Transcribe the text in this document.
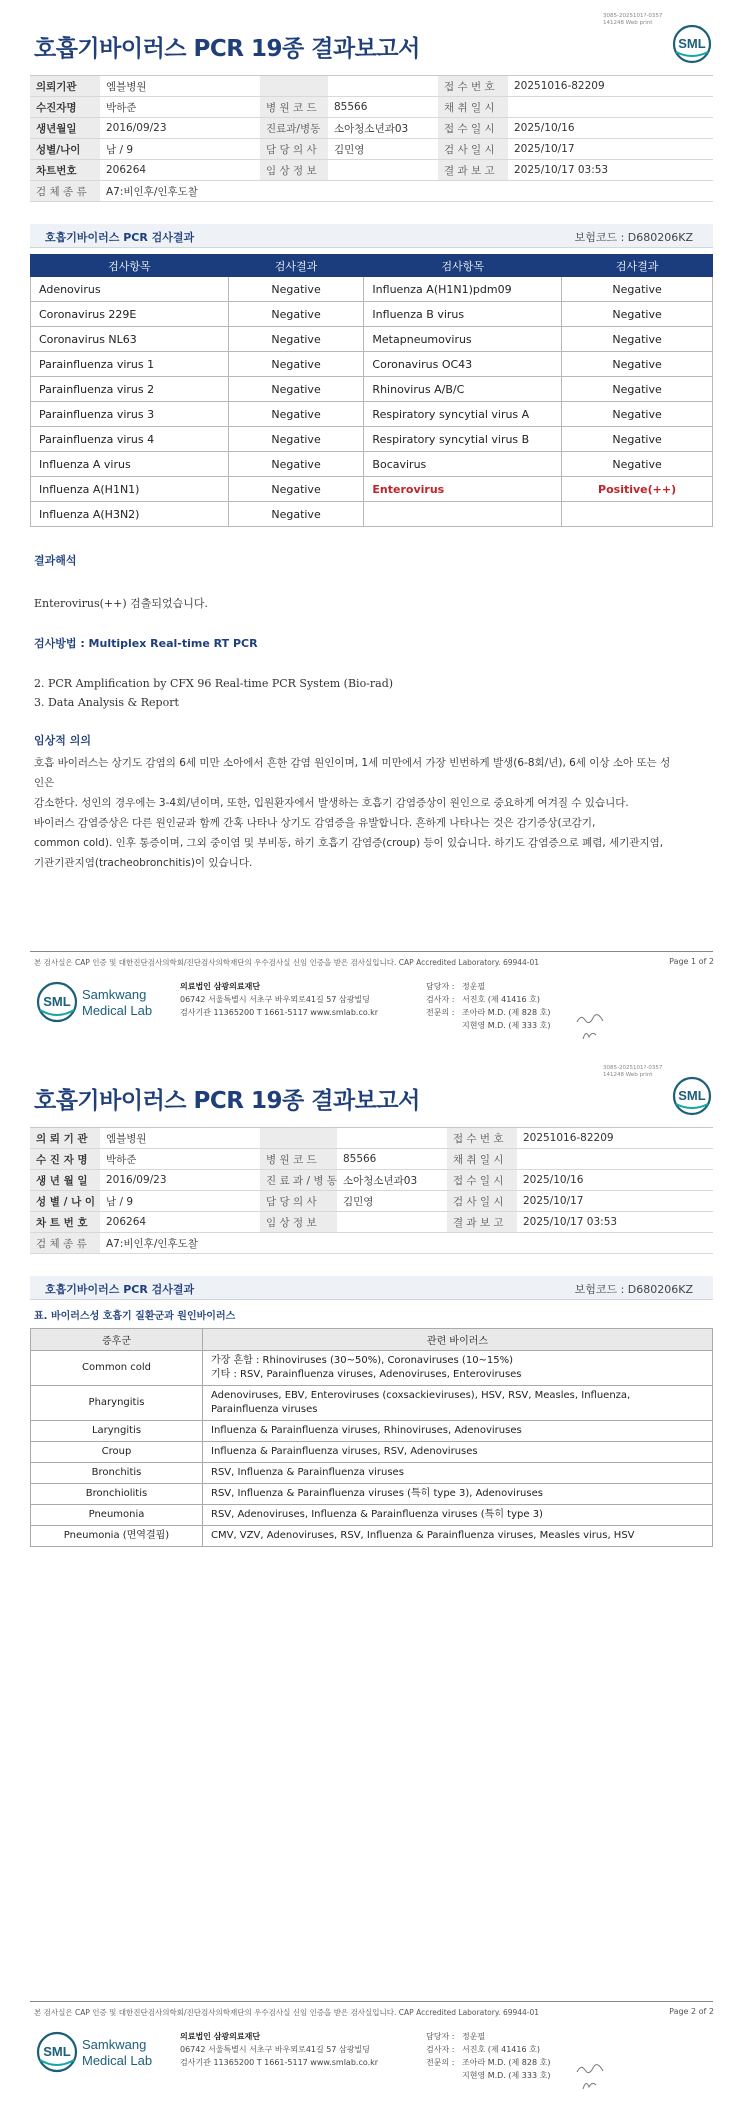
3085-2025101?-0357
141248 Web print
호흡기바이러스 PCR 19종 결과보고서	SML
의뢰기관	엠블병원			접 수 번 호	20251016-82209
수진자명	박하준	병 원 코 드	85566	채 취 일 시	
생년월일	2016/09/23	진료과/병동	소아청소년과03	접 수 일 시	2025/10/16
성별/나이	남 / 9	담 당 의 사	김민영	검 사 일 시	2025/10/17
차트번호	206264	임 상 정 보		결 과 보 고	2025/10/17 03:53
검 체 종 류	A7:비인후/인후도찰				
호흡기바이러스 PCR 검사결과	보험코드 : D680206KZ
검사항목	검사결과	검사항목	검사결과
Adenovirus	Negative	Influenza A(H1N1)pdm09	Negative
Coronavirus 229E	Negative	Influenza B virus	Negative
Coronavirus NL63	Negative	Metapneumovirus	Negative
Parainfluenza virus 1	Negative	Coronavirus OC43	Negative
Parainfluenza virus 2	Negative	Rhinovirus A/B/C	Negative
Parainfluenza virus 3	Negative	Respiratory syncytial virus A	Negative
Parainfluenza virus 4	Negative	Respiratory syncytial virus B	Negative
Influenza A virus	Negative	Bocavirus	Negative
Influenza A(H1N1)	Negative	Enterovirus	Positive(++)
Influenza A(H3N2)	Negative		
결과해석
Enterovirus(++) 검출되었습니다.
검사방법 : Multiplex Real-time RT PCR
2. PCR Amplification by CFX 96 Real-time PCR System (Bio-rad)
3. Data Analysis & Report
임상적 의의
호흡 바이러스는 상기도 감염의 6세 미만 소아에서 흔한 감염 원인이며, 1세 미만에서 가장 빈번하게 발생(6-8회/년), 6세 이상 소아 또는 성인은
감소한다. 성인의 경우에는 3-4회/년이며, 또한, 입원환자에서 발생하는 호흡기 감염증상이 원인으로 중요하게 여겨질 수 있습니다.
바이러스 감염증상은 다른 원인균과 함께 간혹 나타나 상기도 감염증을 유발합니다. 흔하게 나타나는 것은 감기증상(코감기,
common cold). 인후 통증이며, 그외 중이염 및 부비동, 하기 호흡기 감염증(croup) 등이 있습니다. 하기도 감염증으로 폐렴, 세기관지염,
기관기관지염(tracheobronchitis)이 있습니다.
본 검사실은 CAP 인증 및 대한진단검사의학회/진단검사의학재단의 우수검사실 신임 인증을 받은 검사실입니다. CAP Accredited Laboratory. 69944-01	Page 1 of 2
SML Samkwang
Medical Lab
의료법인 삼광의료재단
06742 서울특별시 서초구 바우뫼로41길 57 삼광빌딩
검사기관 11365200 T 1661-5117 www.smlab.co.kr
담당자 : 정운필
검사자 : 서진호 (제 41416 호)
전문의 : 조아라 M.D. (제 828 호)
지현영 M.D. (제 333 호)
3085-2025101?-0357
141248 Web print
호흡기바이러스 PCR 19종 결과보고서	SML
의 뢰 기 관	엠블병원			접 수 번 호	20251016-82209
수 진 자 명	박하준	병 원 코 드	85566	채 취 일 시	
생 년 월 일	2016/09/23	진 료 과 / 병 동	소아청소년과03	접 수 일 시	2025/10/16
성 별 / 나 이	남 / 9	담 당 의 사	김민영	검 사 일 시	2025/10/17
차 트 번 호	206264	임 상 정 보		결 과 보 고	2025/10/17 03:53
검 체 종 류	A7:비인후/인후도찰				
호흡기바이러스 PCR 검사결과	보험코드 : D680206KZ
표. 바이러스성 호흡기 질환군과 원인바이러스
증후군	관련 바이러스
Common cold	가장 흔함 : Rhinoviruses (30~50%), Coronaviruses (10~15%)
기타 : RSV, Parainfluenza viruses, Adenoviruses, Enteroviruses
Pharyngitis	Adenoviruses, EBV, Enteroviruses (coxsackieviruses), HSV, RSV, Measles, Influenza,
Parainfluenza viruses
Laryngitis	Influenza & Parainfluenza viruses, Rhinoviruses, Adenoviruses
Croup	Influenza & Parainfluenza viruses, RSV, Adenoviruses
Bronchitis	RSV, Influenza & Parainfluenza viruses
Bronchiolitis	RSV, Influenza & Parainfluenza viruses (특히 type 3), Adenoviruses
Pneumonia	RSV, Adenoviruses, Influenza & Parainfluenza viruses (특히 type 3)
Pneumonia (면역결핍)	CMV, VZV, Adenoviruses, RSV, Influenza & Parainfluenza viruses, Measles virus, HSV
본 검사실은 CAP 인증 및 대한진단검사의학회/진단검사의학재단의 우수검사실 신임 인증을 받은 검사실입니다. CAP Accredited Laboratory. 69944-01	Page 2 of 2
SML Samkwang
Medical Lab
의료법인 삼광의료재단
06742 서울특별시 서초구 바우뫼로41길 57 삼광빌딩
검사기관 11365200 T 1661-5117 www.smlab.co.kr
담당자 : 정운필
검사자 : 서진호 (제 41416 호)
전문의 : 조아라 M.D. (제 828 호)
지현영 M.D. (제 333 호)
